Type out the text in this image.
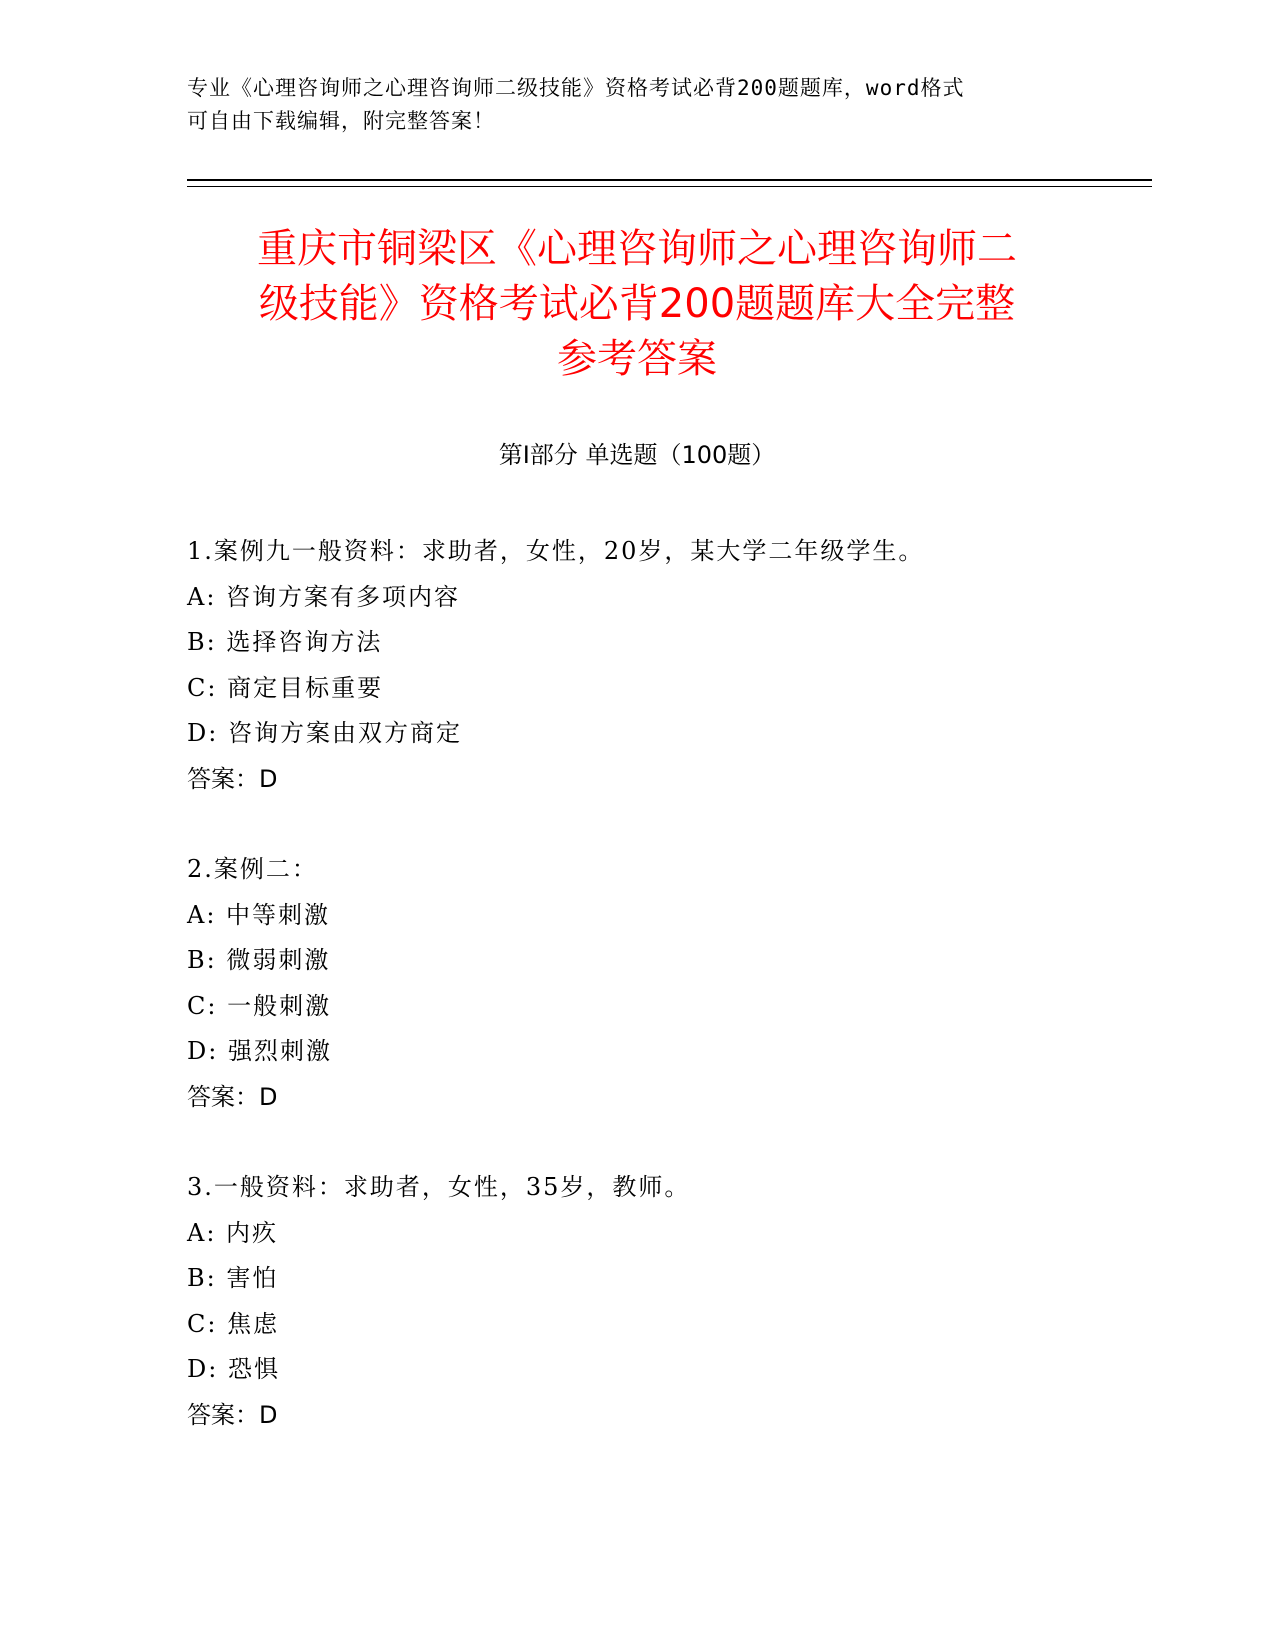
专业《心理咨询师之心理咨询师二级技能》资格考试必背200题题库，word格式
可自由下载编辑，附完整答案！
重庆市铜梁区《心理咨询师之心理咨询师二
级技能》资格考试必背200题题库大全完整
参考答案
第Ⅰ部分 单选题（100题）
1.案例九一般资料：求助者，女性，20岁，某大学二年级学生。
A: 咨询方案有多项内容
B: 选择咨询方法
C: 商定目标重要
D: 咨询方案由双方商定
答案：D
2.案例二：
A: 中等刺激
B: 微弱刺激
C: 一般刺激
D: 强烈刺激
答案：D
3.一般资料：求助者，女性，35岁，教师。
A: 内疚
B: 害怕
C: 焦虑
D: 恐惧
答案：D
